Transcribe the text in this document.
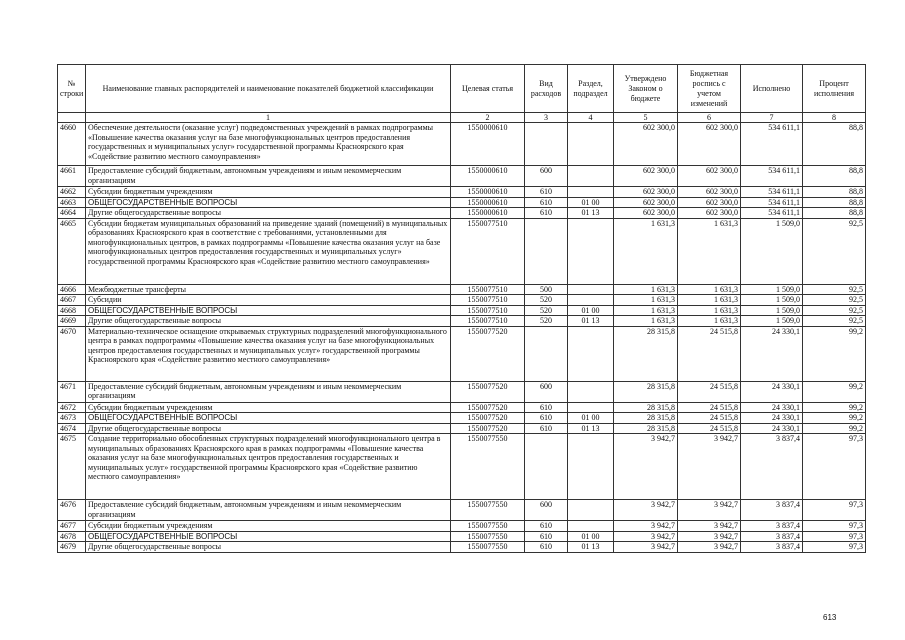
№ строки	Наименование главных распорядителей и наименование показателей бюджетной классификации	Целевая статья	Вид расходов	Раздел, подраздел	Утверждено Законом о бюджете	Бюджетная роспись с учетом изменений	Исполнено	Процент исполнения
	1	2	3	4	5	6	7	8
4660	Обеспечение деятельности (оказание услуг) подведомственных учреждений в рамках подпрограммы «Повышение качества оказания услуг на базе многофункциональных центров предоставления государственных и муниципальных услуг» государственной программы Красноярского края «Содействие развитию местного самоуправления»	1550000610			602 300,0	602 300,0	534 611,1	88,8
4661	Предоставление субсидий бюджетным, автономным учреждениям и иным некоммерческим организациям	1550000610	600		602 300,0	602 300,0	534 611,1	88,8
4662	Субсидии бюджетным учреждениям	1550000610	610		602 300,0	602 300,0	534 611,1	88,8
4663	ОБЩЕГОСУДАРСТВЕННЫЕ ВОПРОСЫ	1550000610	610	01 00	602 300,0	602 300,0	534 611,1	88,8
4664	Другие общегосударственные вопросы	1550000610	610	01 13	602 300,0	602 300,0	534 611,1	88,8
4665	Субсидии бюджетам муниципальных образований на приведение зданий (помещений) в муниципальных образованиях Красноярского края в соответствие с требованиями, установленными для многофункциональных центров, в рамках подпрограммы «Повышение качества оказания услуг на базе многофункциональных центров предоставления государственных и муниципальных услуг» государственной программы Красноярского края «Содействие развитию местного самоуправления»	1550077510			1 631,3	1 631,3	1 509,0	92,5
4666	Межбюджетные трансферты	1550077510	500		1 631,3	1 631,3	1 509,0	92,5
4667	Субсидии	1550077510	520		1 631,3	1 631,3	1 509,0	92,5
4668	ОБЩЕГОСУДАРСТВЕННЫЕ ВОПРОСЫ	1550077510	520	01 00	1 631,3	1 631,3	1 509,0	92,5
4669	Другие общегосударственные вопросы	1550077510	520	01 13	1 631,3	1 631,3	1 509,0	92,5
4670	Материально-техническое оснащение открываемых структурных подразделений многофункционального центра в рамках подпрограммы «Повышение качества оказания услуг на базе многофункциональных центров предоставления государственных и муниципальных услуг» государственной программы Красноярского края «Содействие развитию местного самоуправления»	1550077520			28 315,8	24 515,8	24 330,1	99,2
4671	Предоставление субсидий бюджетным, автономным учреждениям и иным некоммерческим организациям	1550077520	600		28 315,8	24 515,8	24 330,1	99,2
4672	Субсидии бюджетным учреждениям	1550077520	610		28 315,8	24 515,8	24 330,1	99,2
4673	ОБЩЕГОСУДАРСТВЕННЫЕ ВОПРОСЫ	1550077520	610	01 00	28 315,8	24 515,8	24 330,1	99,2
4674	Другие общегосударственные вопросы	1550077520	610	01 13	28 315,8	24 515,8	24 330,1	99,2
4675	Создание территориально обособленных структурных подразделений многофункционального центра в муниципальных образованиях Красноярского края в рамках подпрограммы «Повышение качества оказания услуг на базе многофункциональных центров предоставления государственных и муниципальных услуг» государственной программы Красноярского края «Содействие развитию местного самоуправления»	1550077550			3 942,7	3 942,7	3 837,4	97,3
4676	Предоставление субсидий бюджетным, автономным учреждениям и иным некоммерческим организациям	1550077550	600		3 942,7	3 942,7	3 837,4	97,3
4677	Субсидии бюджетным учреждениям	1550077550	610		3 942,7	3 942,7	3 837,4	97,3
4678	ОБЩЕГОСУДАРСТВЕННЫЕ ВОПРОСЫ	1550077550	610	01 00	3 942,7	3 942,7	3 837,4	97,3
4679	Другие общегосударственные вопросы	1550077550	610	01 13	3 942,7	3 942,7	3 837,4	97,3
613
